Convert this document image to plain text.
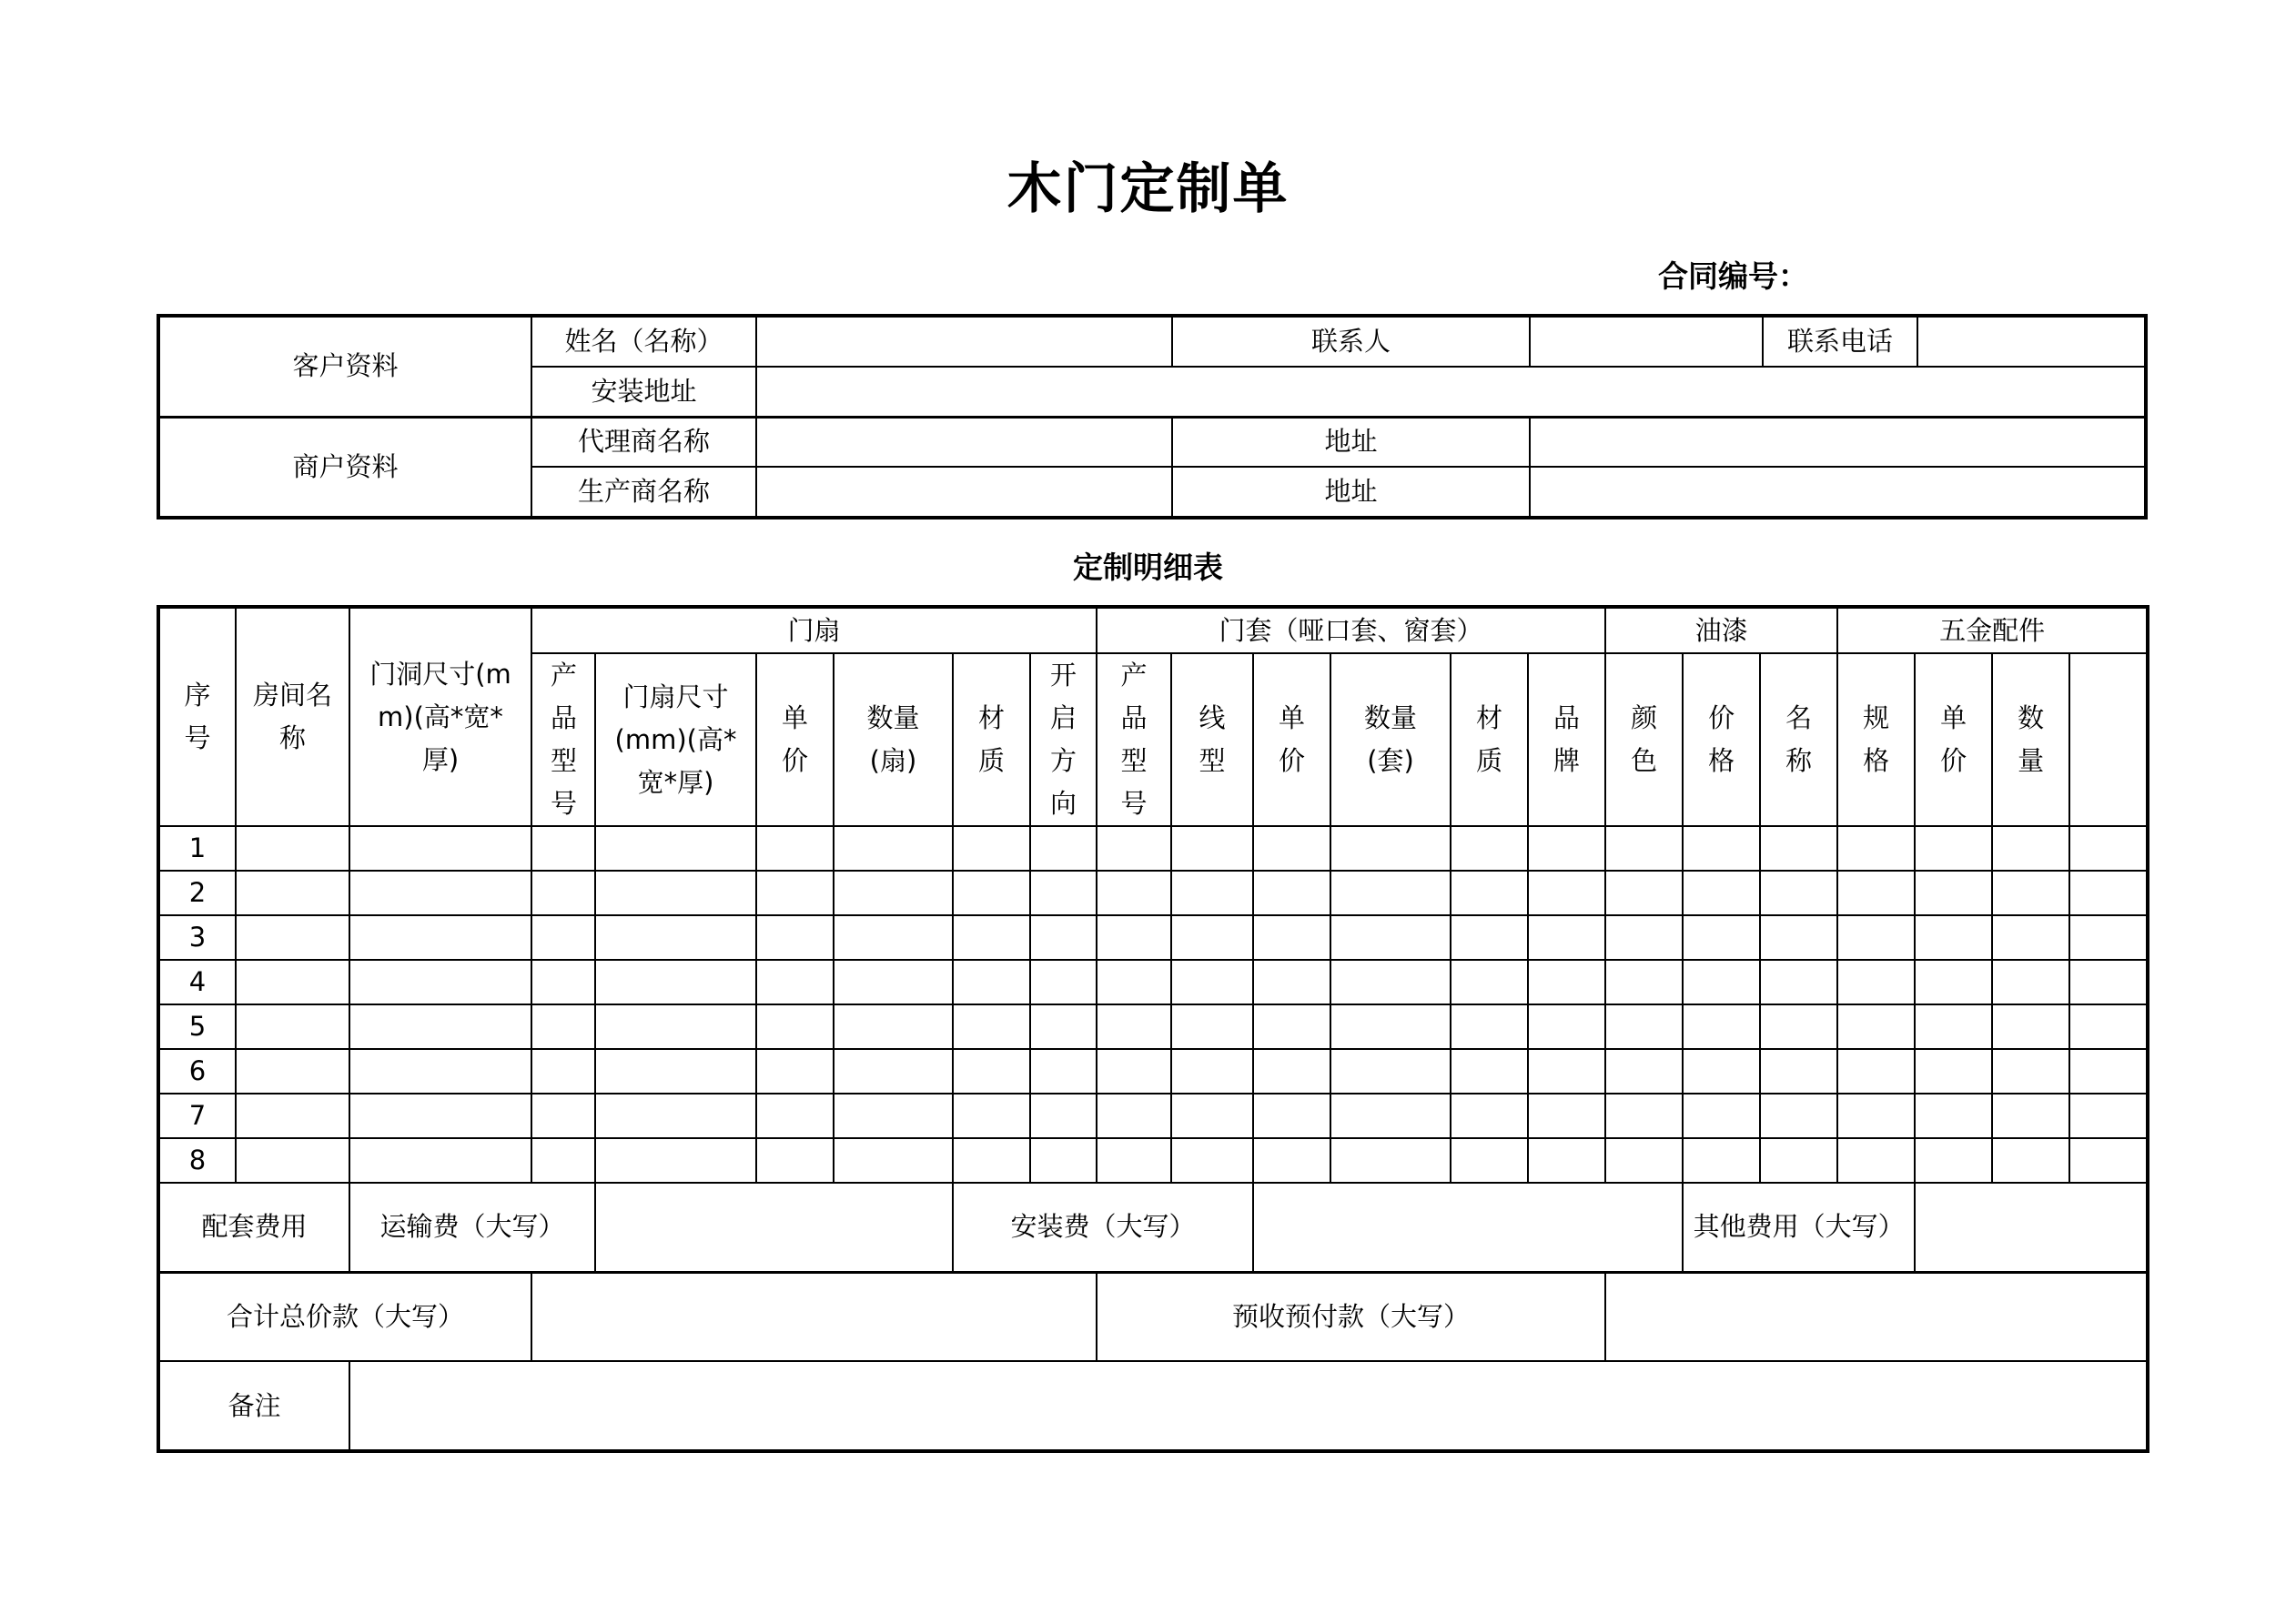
木门定制单
合同编号：
客户资料	姓名（名称）		联系人		联系电话	
	安装地址					
商户资料	代理商名称		地址			
	生产商名称		地址			
定制明细表
序号	房间名称	门洞尺寸(mm)(高*宽*厚)	门扇						门套（哑口套、窗套）						油漆			五金配件	
			产品型号	门扇尺寸(mm)(高*宽*厚)	单价	数量(扇)	材质	开启方向	产品型号	线型	单价	数量(套)	材质	品牌	颜色	价格	名称	规格	单价	数量		
1																						
2																						
3																						
4																						
5																						
6																						
7																						
8																						
配套费用		运输费（大写）					安装费（大写）									其他费用（大写）						
合计总价款（大写）									预收预付款（大写）													
备注																						
